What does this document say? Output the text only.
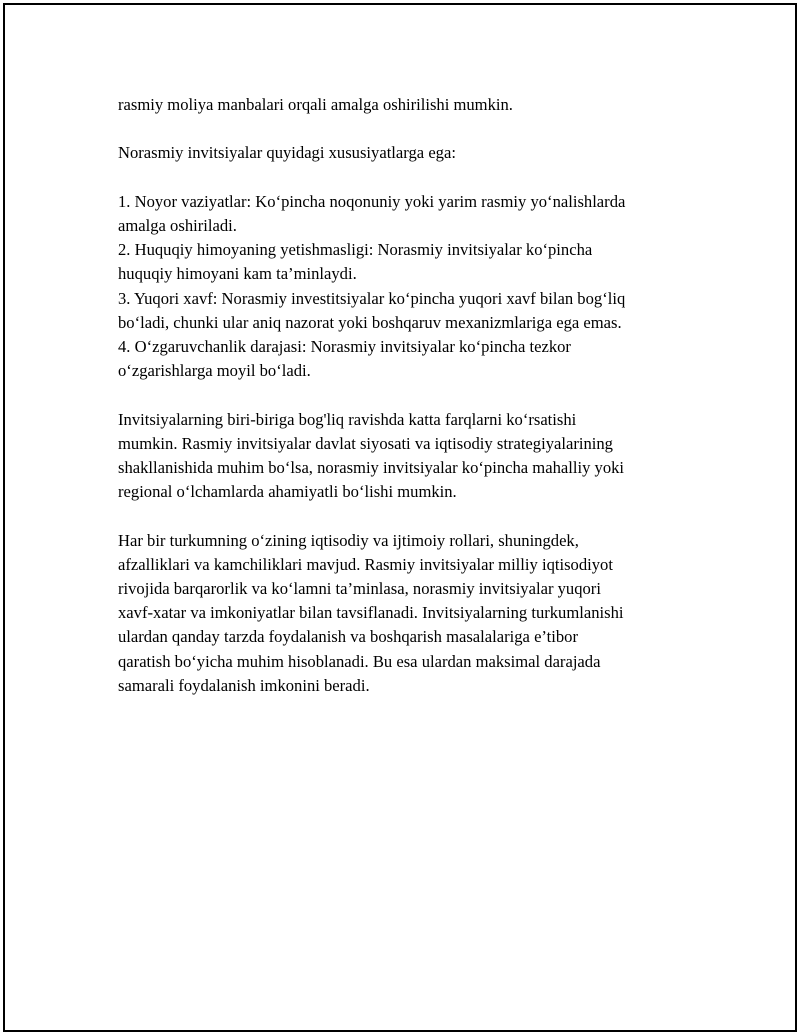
rasmiy moliya manbalari orqali amalga oshirilishi mumkin.

Norasmiy invitsiyalar quyidagi xususiyatlarga ega:

1. Noyor vaziyatlar: Ko‘pincha noqonuniy yoki yarim rasmiy yo‘nalishlarda

amalga oshiriladi.

2. Huquqiy himoyaning yetishmasligi: Norasmiy invitsiyalar ko‘pincha

huquqiy himoyani kam ta’minlaydi.

3. Yuqori xavf: Norasmiy investitsiyalar ko‘pincha yuqori xavf bilan bog‘liq

bo‘ladi, chunki ular aniq nazorat yoki boshqaruv mexanizmlariga ega emas.

4. O‘zgaruvchanlik darajasi: Norasmiy invitsiyalar ko‘pincha tezkor

o‘zgarishlarga moyil bo‘ladi.

Invitsiyalarning biri-biriga bog'liq ravishda katta farqlarni ko‘rsatishi

mumkin. Rasmiy invitsiyalar davlat siyosati va iqtisodiy strategiyalarining

shakllanishida muhim bo‘lsa, norasmiy invitsiyalar ko‘pincha mahalliy yoki

regional o‘lchamlarda ahamiyatli bo‘lishi mumkin.

Har bir turkumning o‘zining iqtisodiy va ijtimoiy rollari, shuningdek,

afzalliklari va kamchiliklari mavjud. Rasmiy invitsiyalar milliy iqtisodiyot

rivojida barqarorlik va ko‘lamni ta’minlasa, norasmiy invitsiyalar yuqori

xavf-xatar va imkoniyatlar bilan tavsiflanadi. Invitsiyalarning turkumlanishi

ulardan qanday tarzda foydalanish va boshqarish masalalariga e’tibor

qaratish bo‘yicha muhim hisoblanadi. Bu esa ulardan maksimal darajada

samarali foydalanish imkonini beradi.
